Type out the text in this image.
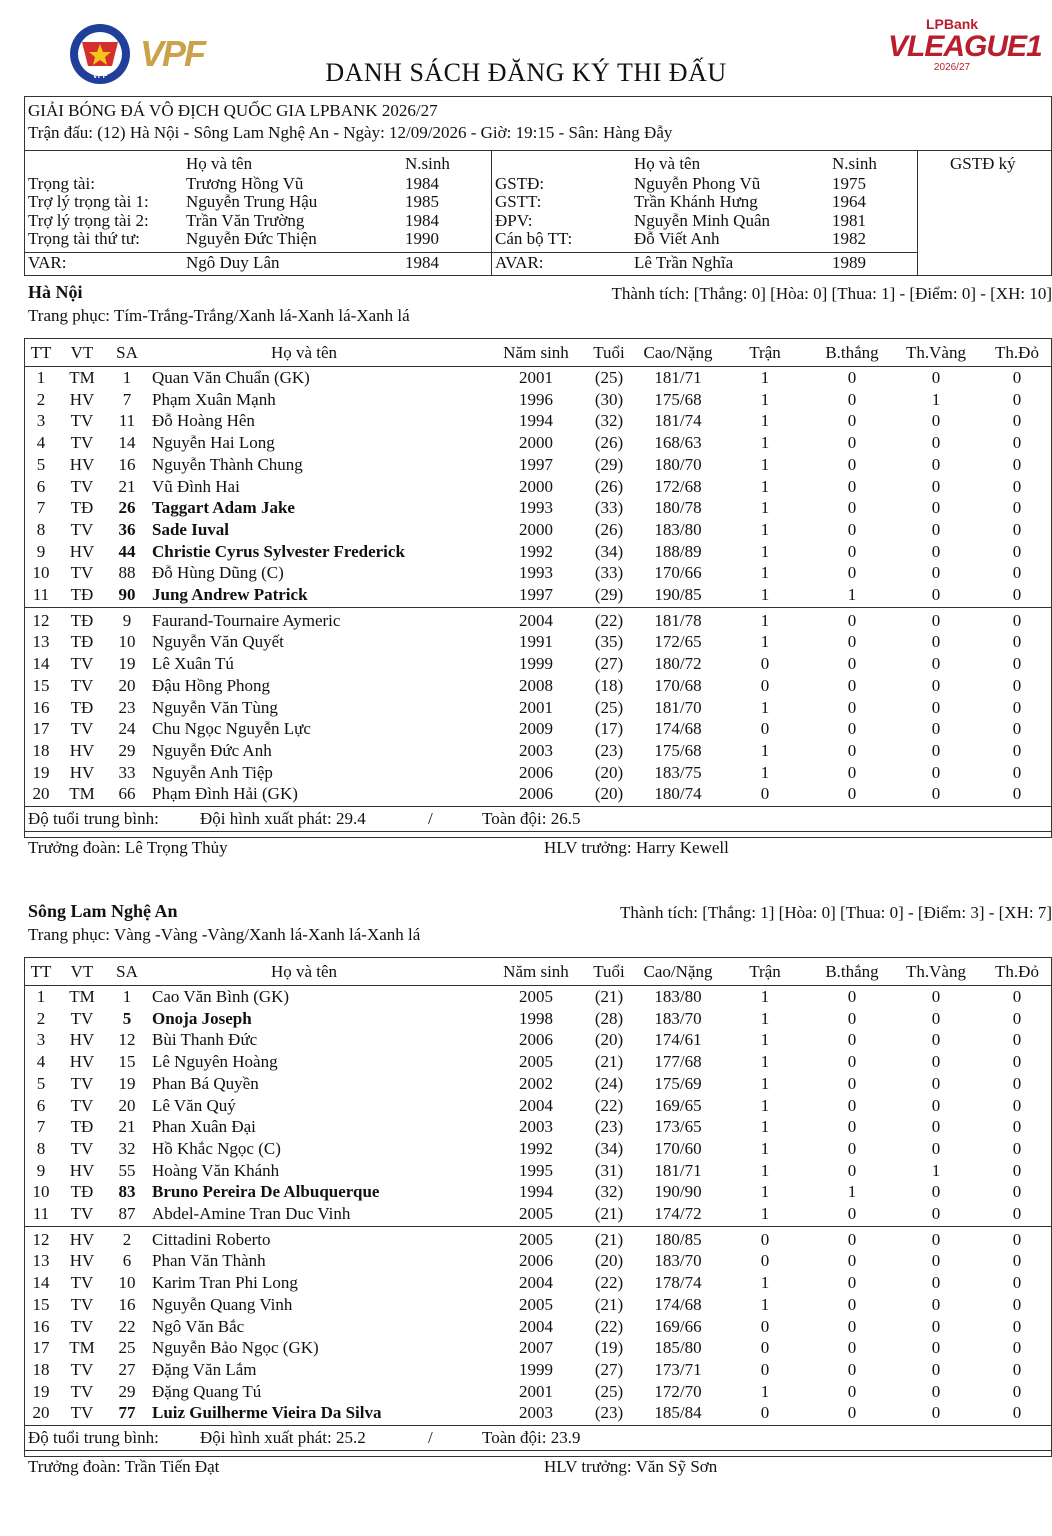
VFF
VPF	DANH SÁCH ĐĂNG KÝ THI ĐẤU
LPBank
VLEAGUE1
2026/27
GIẢI BÓNG ĐÁ VÔ ĐỊCH QUỐC GIA LPBANK 2026/27
Trận đấu: (12) Hà Nội - Sông Lam Nghệ An - Ngày: 12/09/2026 - Giờ: 19:15 - Sân: Hàng Đẫy
Họ và tên	N.sinh	Họ và tên	N.sinh	GSTĐ ký
Trọng tài:	Trương Hồng Vũ	1984
Trợ lý trọng tài 1: Nguyễn Trung Hậu	1985
Trợ lý trọng tài 2: Trần Văn Trường	1984
Trọng tài thứ tư:	Nguyễn Đức Thiện	1990
GSTĐ:	Nguyễn Phong Vũ	1975
GSTT:	Trần Khánh Hưng	1964
ĐPV:	Nguyễn Minh Quân	1981
Cán bộ TT:	Đỗ Viết Anh	1982
VAR:	Ngô Duy Lân	1984	AVAR:	Lê Trần Nghĩa	1989
Hà Nội	Thành tích: [Thắng: 0] [Hòa: 0] [Thua: 1] - [Điểm: 0] - [XH: 10]
Trang phục: Tím-Trắng-Trắng/Xanh lá-Xanh lá-Xanh lá
TT	VT	SA	Họ và tên	Năm sinh	Tuổi	Cao/Nặng	Trận	B.thắng	Th.Vàng	Th.Đỏ
1	TM	1	Quan Văn Chuẩn (GK)	2001	(25)	181/71	1	0	0	0
2	HV	7	Phạm Xuân Mạnh	1996	(30)	175/68	1	0	1	0
3	TV	11 Đỗ Hoàng Hên	1994	(32)	181/74	1	0	0	0
4	TV	14 Nguyễn Hai Long	2000	(26)	168/63	1	0	0	0
5	HV	16 Nguyễn Thành Chung	1997	(29)	180/70	1	0	0	0
6	TV	21 Vũ Đình Hai	2000	(26)	172/68	1	0	0	0
7	TĐ	26 Taggart Adam Jake	1993	(33)	180/78	1	0	0	0
8	TV	36 Sade Iuval	2000	(26)	183/80	1	0	0	0
9	HV	44 Christie Cyrus Sylvester Frederick	1992	(34)	188/89	1	0	0	0
10	TV	88 Đỗ Hùng Dũng (C)	1993	(33)	170/66	1	0	0	0
11	TĐ	90 Jung Andrew Patrick	1997	(29)	190/85	1	1	0	0
12	TĐ	9	Faurand-Tournaire Aymeric	2004	(22)	181/78	1	0	0	0
13	TĐ	10 Nguyễn Văn Quyết	1991	(35)	172/65	1	0	0	0
14	TV	19 Lê Xuân Tú	1999	(27)	180/72	0	0	0	0
15	TV	20 Đậu Hồng Phong	2008	(18)	170/68	0	0	0	0
16	TĐ	23 Nguyễn Văn Tùng	2001	(25)	181/70	1	0	0	0
17	TV	24 Chu Ngọc Nguyễn Lực	2009	(17)	174/68	0	0	0	0
18	HV	29 Nguyễn Đức Anh	2003	(23)	175/68	1	0	0	0
19	HV	33 Nguyễn Anh Tiệp	2006	(20)	183/75	1	0	0	0
20	TM	66 Phạm Đình Hải (GK)	2006	(20)	180/74	0	0	0	0
Độ tuổi trung bình: Đội hình xuất phát: 29.4	/	Toàn đội: 26.5
Trưởng đoàn: Lê Trọng Thủy	HLV trưởng: Harry Kewell
Sông Lam Nghệ An	Thành tích: [Thắng: 1] [Hòa: 0] [Thua: 0] - [Điểm: 3] - [XH: 7]
Trang phục: Vàng -Vàng -Vàng/Xanh lá-Xanh lá-Xanh lá
TT	VT	SA	Họ và tên	Năm sinh	Tuổi	Cao/Nặng	Trận	B.thắng	Th.Vàng	Th.Đỏ
1	TM	1	Cao Văn Bình (GK)	2005	(21)	183/80	1	0	0	0
2	TV	5	Onoja Joseph	1998	(28)	183/70	1	0	0	0
3	HV	12 Bùi Thanh Đức	2006	(20)	174/61	1	0	0	0
4	HV	15 Lê Nguyên Hoàng	2005	(21)	177/68	1	0	0	0
5	TV	19 Phan Bá Quyền	2002	(24)	175/69	1	0	0	0
6	TV	20 Lê Văn Quý	2004	(22)	169/65	1	0	0	0
7	TĐ	21 Phan Xuân Đại	2003	(23)	173/65	1	0	0	0
8	TV	32 Hồ Khắc Ngọc (C)	1992	(34)	170/60	1	0	0	0
9	HV	55 Hoàng Văn Khánh	1995	(31)	181/71	1	0	1	0
10	TĐ	83 Bruno Pereira De Albuquerque	1994	(32)	190/90	1	1	0	0
11	TV	87 Abdel-Amine Tran Duc Vinh	2005	(21)	174/72	1	0	0	0
12	HV	2	Cittadini Roberto	2005	(21)	180/85	0	0	0	0
13	HV	6	Phan Văn Thành	2006	(20)	183/70	0	0	0	0
14	TV	10 Karim Tran Phi Long	2004	(22)	178/74	1	0	0	0
15	TV	16 Nguyễn Quang Vinh	2005	(21)	174/68	1	0	0	0
16	TV	22 Ngô Văn Bắc	2004	(22)	169/66	0	0	0	0
17	TM	25 Nguyễn Bảo Ngọc (GK)	2007	(19)	185/80	0	0	0	0
18	TV	27 Đặng Văn Lắm	1999	(27)	173/71	0	0	0	0
19	TV	29 Đặng Quang Tú	2001	(25)	172/70	1	0	0	0
20	TV	77 Luiz Guilherme Vieira Da Silva	2003	(23)	185/84	0	0	0	0
Độ tuổi trung bình: Đội hình xuất phát: 25.2	/	Toàn đội: 23.9
Trưởng đoàn: Trần Tiến Đạt	HLV trưởng: Văn Sỹ Sơn
